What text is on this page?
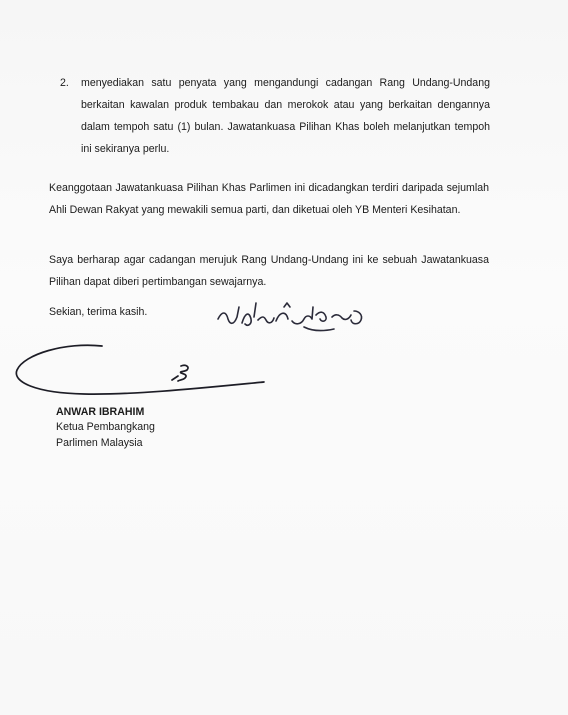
2. menyediakan satu penyata yang mengandungi cadangan Rang Undang-Undang berkaitan kawalan produk tembakau dan merokok atau yang berkaitan dengannya dalam tempoh satu (1) bulan. Jawatankuasa Pilihan Khas boleh melanjutkan tempoh ini sekiranya perlu.
Keanggotaan Jawatankuasa Pilihan Khas Parlimen ini dicadangkan terdiri daripada sejumlah Ahli Dewan Rakyat yang mewakili semua parti, dan diketuai oleh YB Menteri Kesihatan.
Saya berharap agar cadangan merujuk Rang Undang-Undang ini ke sebuah Jawatankuasa Pilihan dapat diberi pertimbangan sewajarnya.
Sekian, terima kasih.
ANWAR IBRAHIM
Ketua Pembangkang
Parlimen Malaysia
